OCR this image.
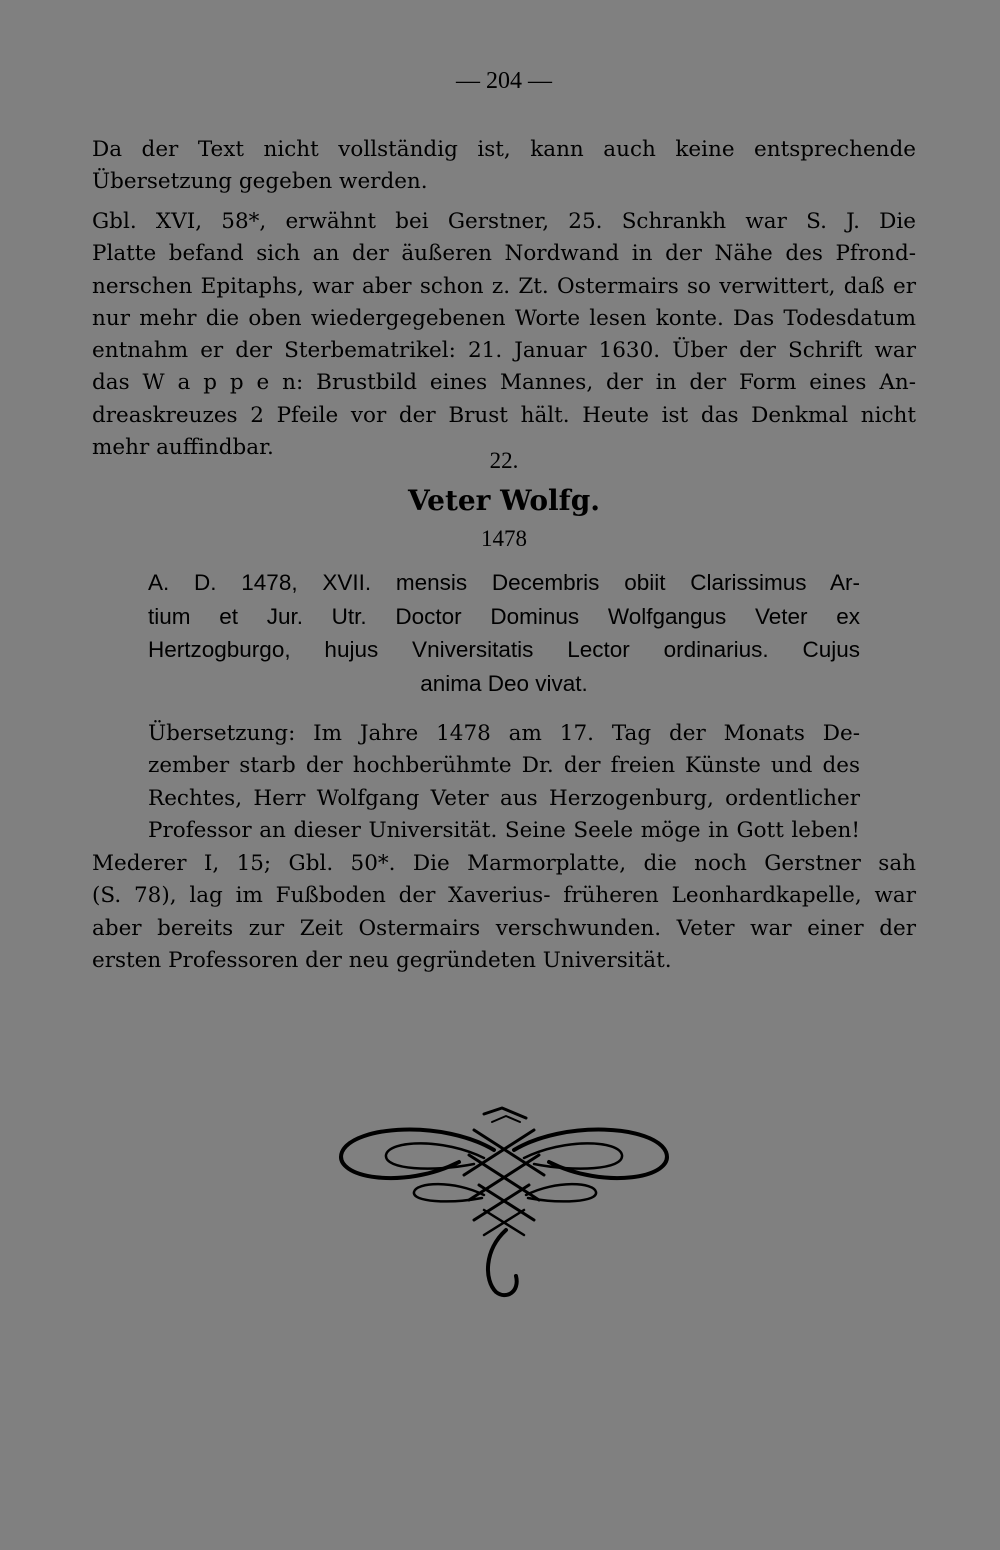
— 204 —

Da der Text nicht vollständig ist, kann auch keine entsprechende
Übersetzung gegeben werden.

Gbl. XVI, 58*, erwähnt bei Gerstner, 25. Schrankh war S. J. Die
Platte befand sich an der äußeren Nordwand in der Nähe des Pfrond-
nerschen Epitaphs, war aber schon z. Zt. Ostermairs so verwittert, daß er
nur mehr die oben wiedergegebenen Worte lesen konte. Das Todesdatum
entnahm er der Sterbematrikel: 21. Januar 1630. Über der Schrift war
das W a p p e n: Brustbild eines Mannes, der in der Form eines An-
dreaskreuzes 2 Pfeile vor der Brust hält. Heute ist das Denkmal nicht
mehr auffindbar.

22.
Veter Wolfg.
1478

A. D. 1478, XVII. mensis Decembris obiit Clarissimus Ar-
tium et Jur. Utr. Doctor Dominus Wolfgangus Veter ex
Hertzogburgo, hujus Vniversitatis Lector ordinarius. Cujus
anima Deo vivat.

Übersetzung: Im Jahre 1478 am 17. Tag der Monats De-
zember starb der hochberühmte Dr. der freien Künste und des
Rechtes, Herr Wolfgang Veter aus Herzogenburg, ordentlicher
Professor an dieser Universität. Seine Seele möge in Gott leben!

Mederer I, 15; Gbl. 50*. Die Marmorplatte, die noch Gerstner sah
(S. 78), lag im Fußboden der Xaverius- früheren Leonhardkapelle, war
aber bereits zur Zeit Ostermairs verschwunden. Veter war einer der
ersten Professoren der neu gegründeten Universität.
